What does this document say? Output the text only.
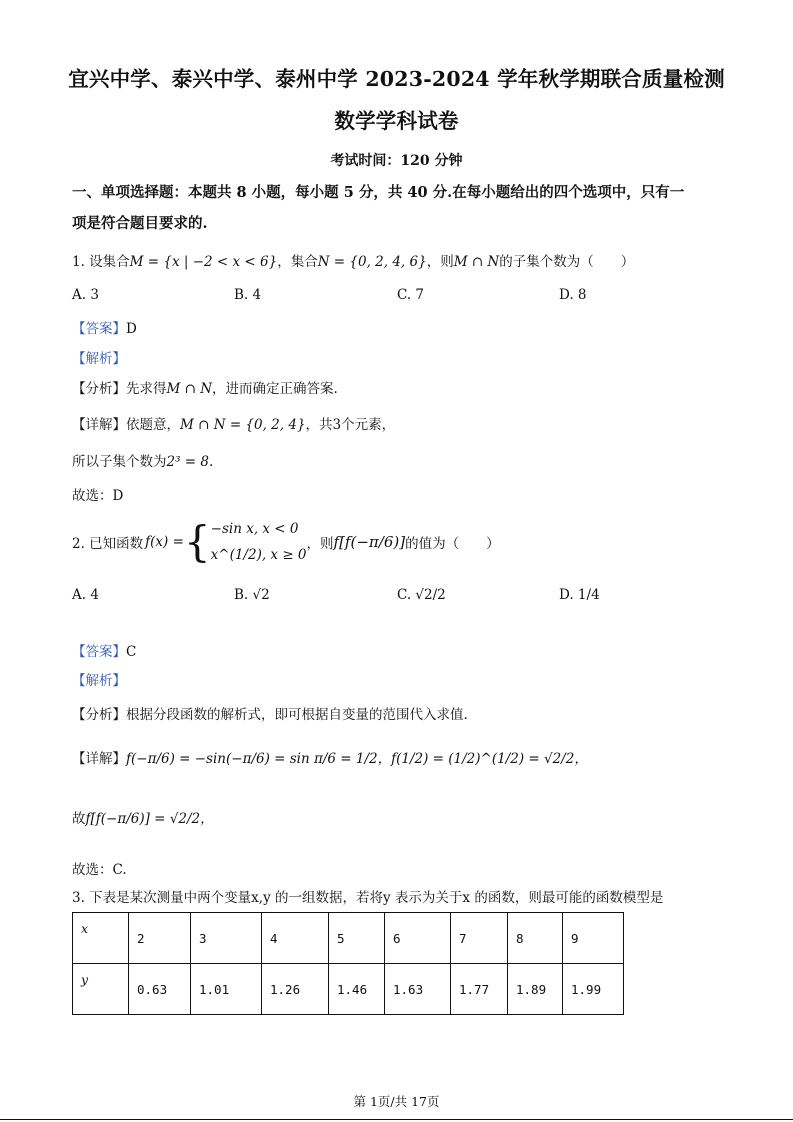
宜兴中学、泰兴中学、泰州中学 2023-2024 学年秋学期联合质量检测
数学学科试卷
考试时间：120 分钟
一、单项选择题：本题共 8 小题，每小题 5 分，共 40 分.在每小题给出的四个选项中，只有一
项是符合题目要求的.
1. 设集合M = {x | −2 < x < 6}，集合N = {0, 2, 4, 6}，则M ∩ N的子集个数为（　　）
A. 3	B. 4	C. 7	D. 8
【答案】D
【解析】
【分析】先求得M ∩ N，进而确定正确答案.
【详解】依题意，M ∩ N = {0, 2, 4}，共3个元素，
所以子集个数为2³ = 8.
故选：D
2. 已知函数 f(x) = { −sin x, x < 0
x^(1/2), x ≥ 0
，则 f[f(−π/6)] 的值为（　　）
A. 4	B. √2	C. √2/2	D. 1/4
【答案】C
【解析】
【分析】根据分段函数的解析式，即可根据自变量的范围代入求值.
【详解】f(−π/6) = −sin(−π/6) = sin π/6 = 1/2，f(1/2) = (1/2)^(1/2) = √2/2，
故f[f(−π/6)] = √2/2，
故选：C.
3. 下表是某次测量中两个变量x,y 的一组数据，若将y 表示为关于x 的函数，则最可能的函数模型是
x	2	3	4	5	6	7	8	9
y	0.63	1.01	1.26	1.46	1.63	1.77	1.89	1.99
第 1页/共 17页
